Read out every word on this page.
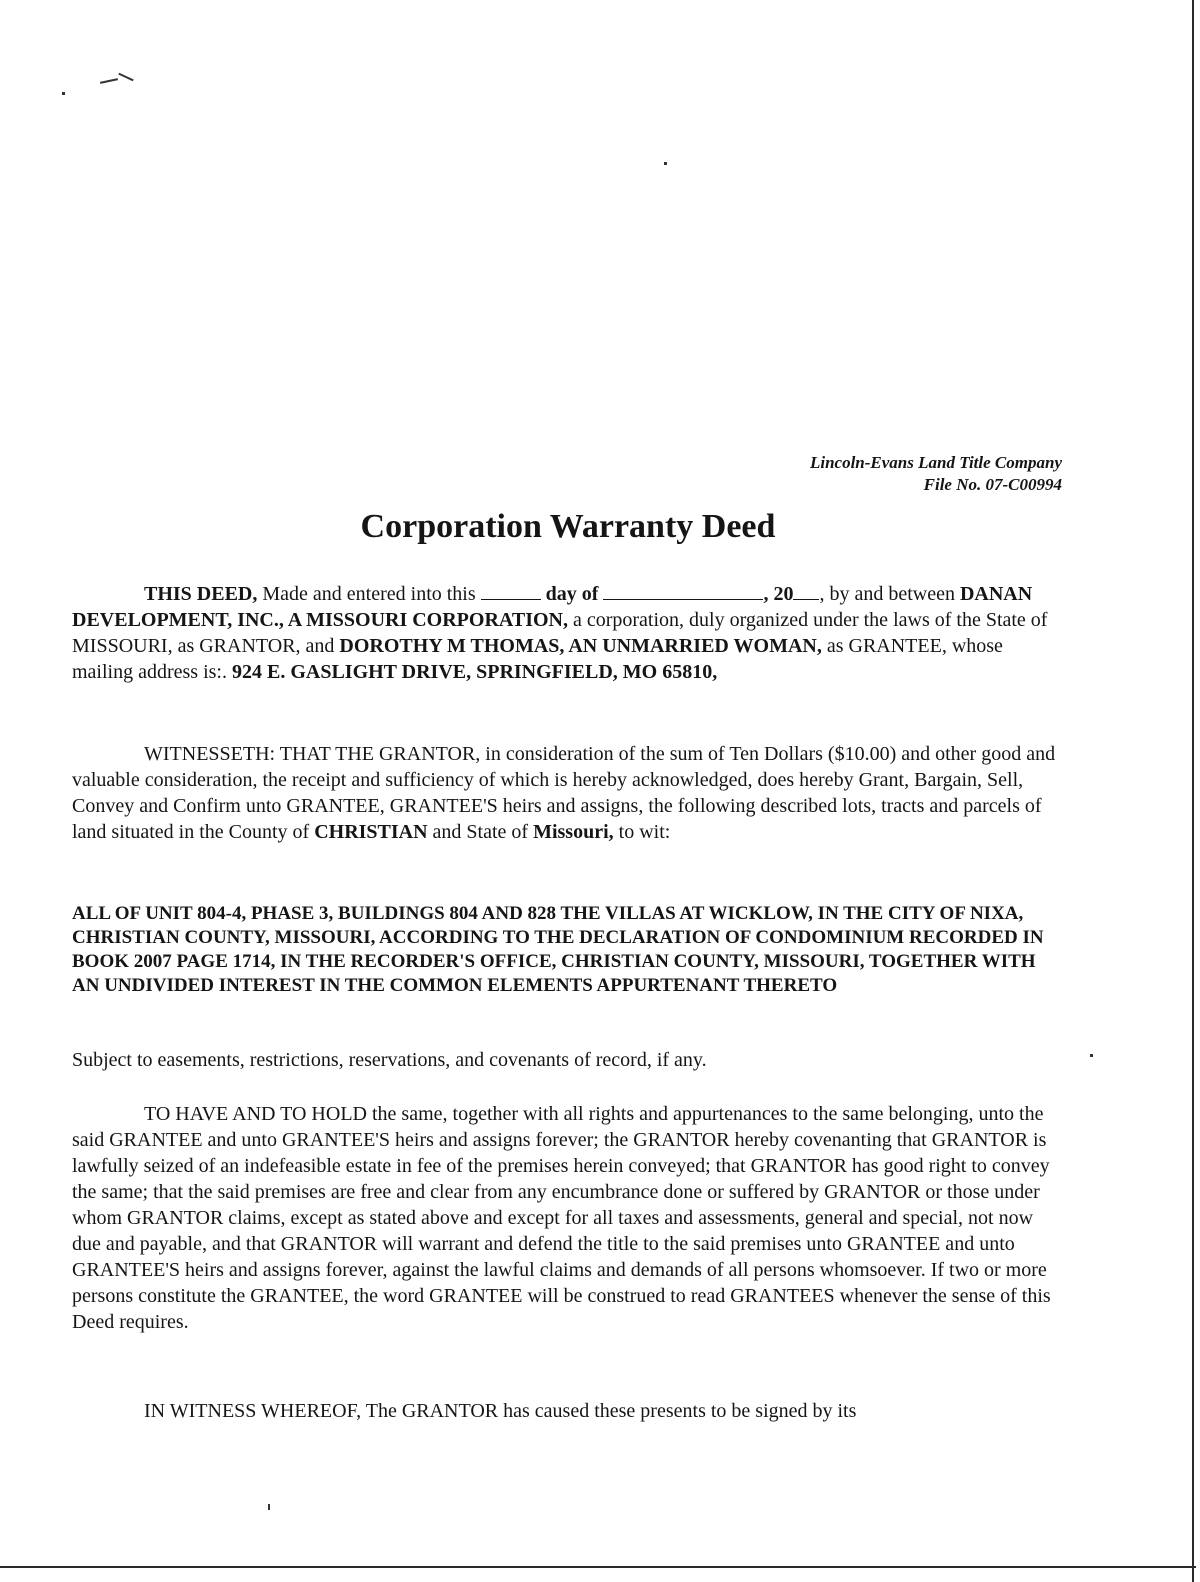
Lincoln-Evans Land Title Company
File No. 07-C00994
Corporation Warranty Deed

THIS DEED, Made and entered into this	day of	, 20 , by and between DANAN DEVELOPMENT, INC., A MISSOURI CORPORATION, a corporation, duly organized under the laws of the State of MISSOURI, as GRANTOR, and DOROTHY M THOMAS, AN UNMARRIED WOMAN, as GRANTEE, whose mailing address is:. 924 E. GASLIGHT DRIVE, SPRINGFIELD, MO 65810,

WITNESSETH: THAT THE GRANTOR, in consideration of the sum of Ten Dollars ($10.00) and other good and valuable consideration, the receipt and sufficiency of which is hereby acknowledged, does hereby Grant, Bargain, Sell, Convey and Confirm unto GRANTEE, GRANTEE'S heirs and assigns, the following described lots, tracts and parcels of land situated in the County of CHRISTIAN and State of Missouri, to wit:

ALL OF UNIT 804-4, PHASE 3, BUILDINGS 804 AND 828 THE VILLAS AT WICKLOW, IN THE CITY OF NIXA, CHRISTIAN COUNTY, MISSOURI, ACCORDING TO THE DECLARATION OF CONDOMINIUM RECORDED IN BOOK 2007 PAGE 1714, IN THE RECORDER'S OFFICE, CHRISTIAN COUNTY, MISSOURI, TOGETHER WITH AN UNDIVIDED INTEREST IN THE COMMON ELEMENTS APPURTENANT THERETO

Subject to easements, restrictions, reservations, and covenants of record, if any.

TO HAVE AND TO HOLD the same, together with all rights and appurtenances to the same belonging, unto the said GRANTEE and unto GRANTEE'S heirs and assigns forever; the GRANTOR hereby covenanting that GRANTOR is lawfully seized of an indefeasible estate in fee of the premises herein conveyed; that GRANTOR has good right to convey the same; that the said premises are free and clear from any encumbrance done or suffered by GRANTOR or those under whom GRANTOR claims, except as stated above and except for all taxes and assessments, general and special, not now due and payable, and that GRANTOR will warrant and defend the title to the said premises unto GRANTEE and unto GRANTEE'S heirs and assigns forever, against the lawful claims and demands of all persons whomsoever. If two or more persons constitute the GRANTEE, the word GRANTEE will be construed to read GRANTEES whenever the sense of this Deed requires.

IN WITNESS WHEREOF, The GRANTOR has caused these presents to be signed by its
